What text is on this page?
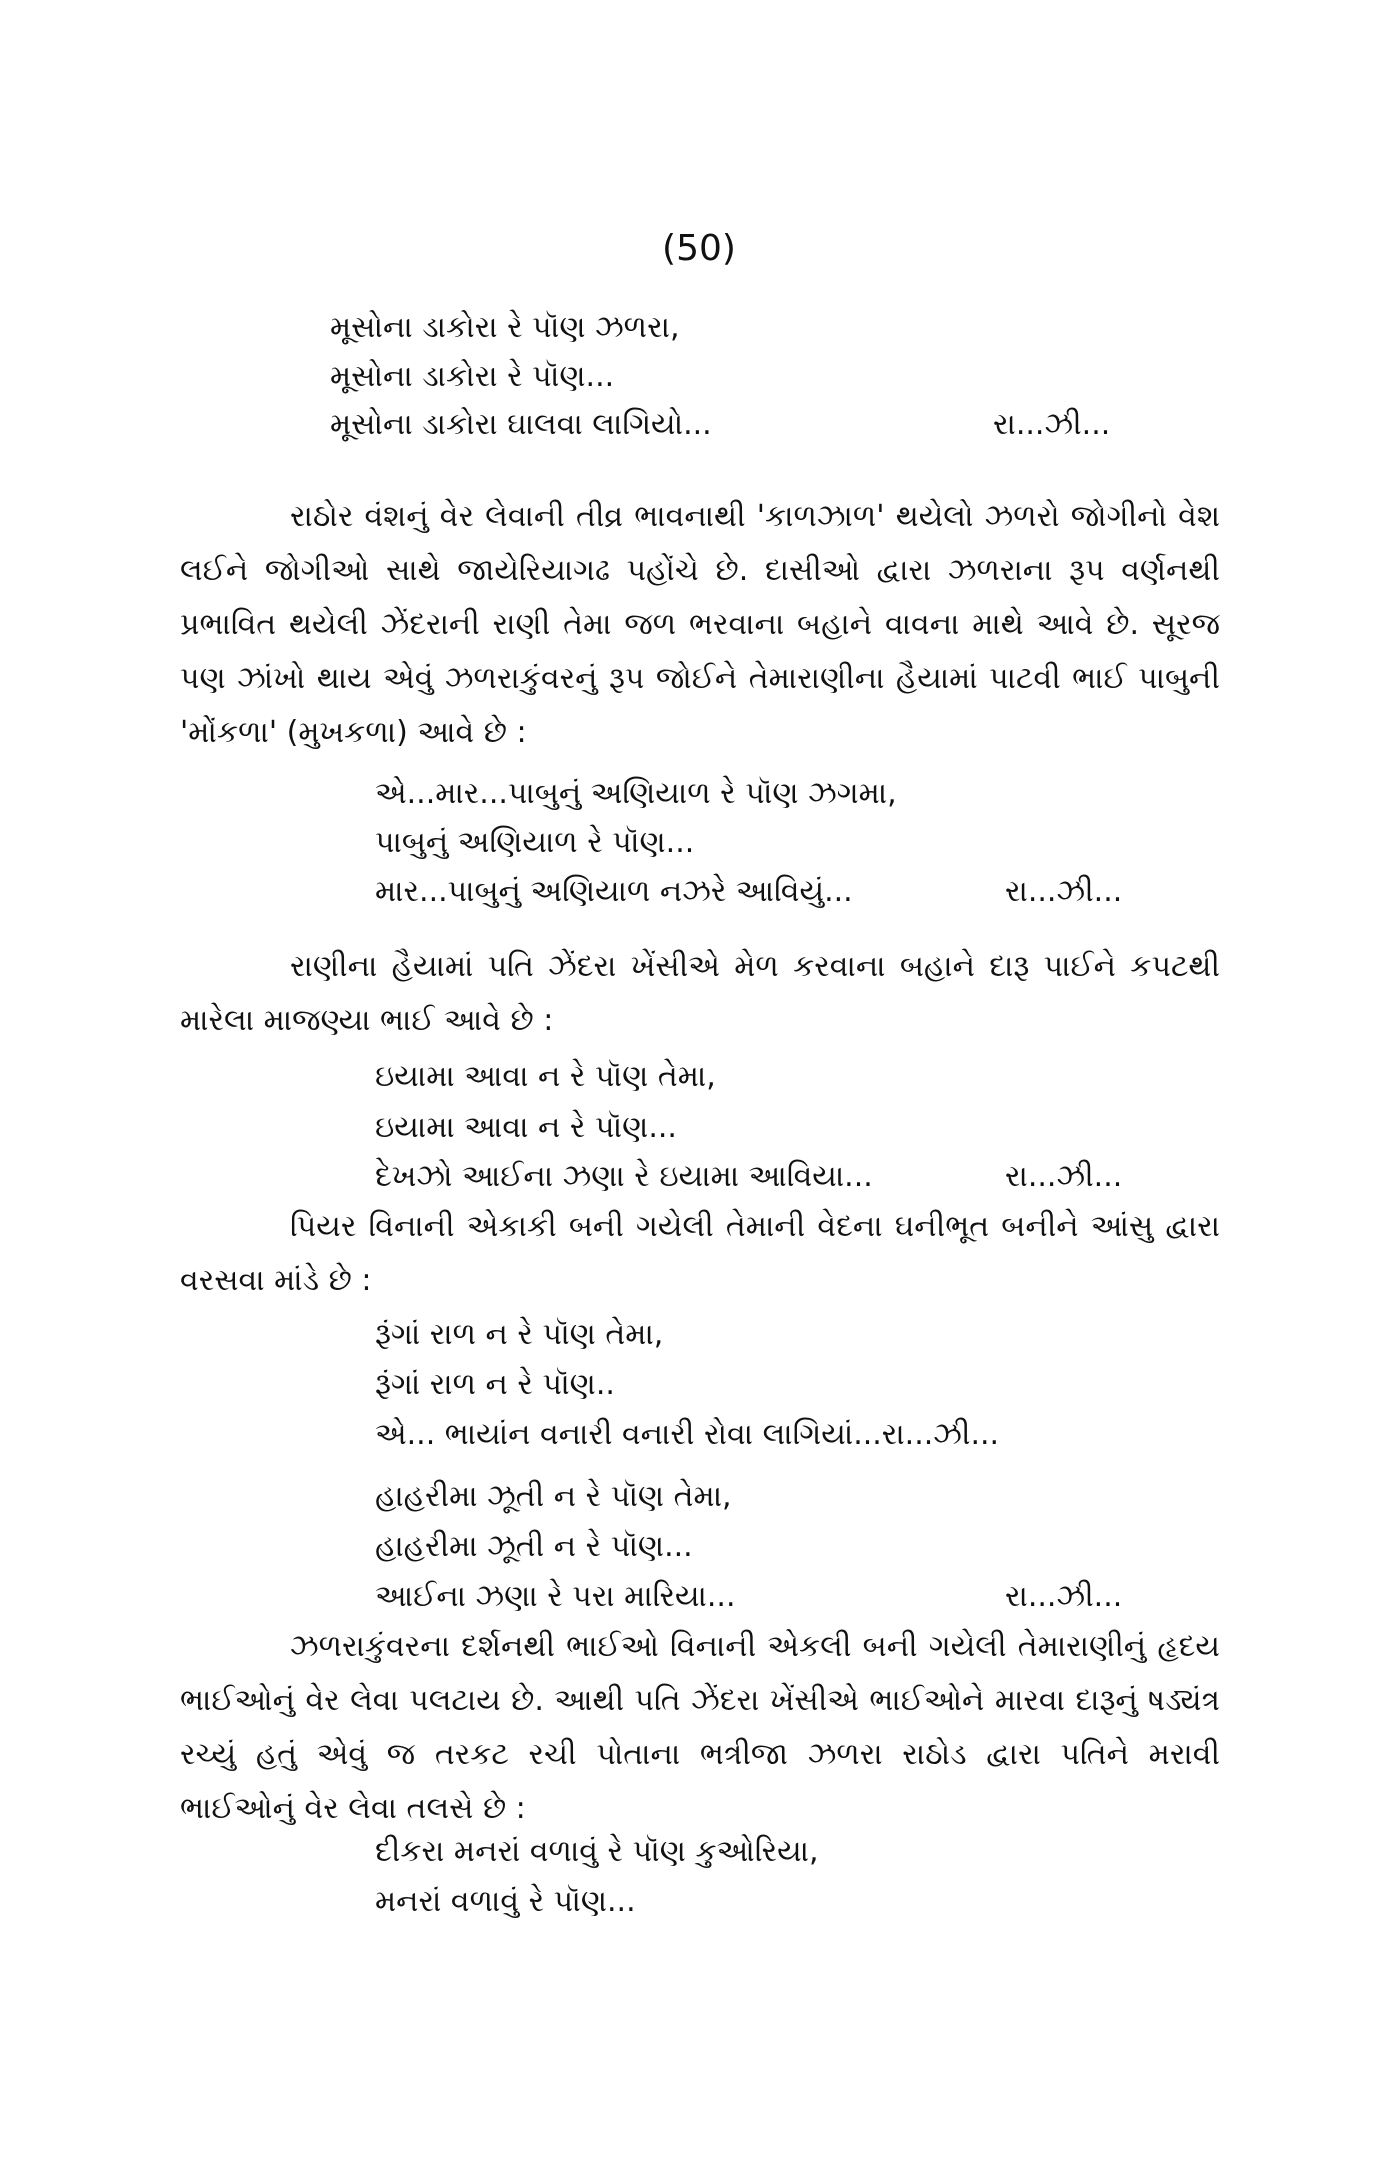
(50)
મૂસોના ડાકોરા રે પૉણ ઝળરા,
મૂસોના ડાકોરા રે પૉણ...
મૂસોના ડાકોરા ઘાલવા લાગિયો...	રા...ઝી...

રાઠોર વંશનું વેર લેવાની તીવ્ર ભાવનાથી 'કાળઝાળ' થયેલો ઝળરો જોગીનો વેશ લઈને જોગીઓ સાથે જાયેરિયાગઢ પહોંચે છે. દાસીઓ દ્વારા ઝળરાના રૂપ વર્ણનથી પ્રભાવિત થયેલી ઝેંદરાની રાણી તેમા જળ ભરવાના બહાને વાવના માથે આવે છે. સૂરજ પણ ઝાંખો થાય એવું ઝળરાકુંવરનું રૂપ જોઈને તેમારાણીના હૈયામાં પાટવી ભાઈ પાબુની 'મોંકળા' (મુખકળા) આવે છે :

એ...માર...પાબુનું અણિયાળ રે પૉણ ઝગમા,
પાબુનું અણિયાળ રે પૉણ...
માર...પાબુનું અણિયાળ નઝરે આવિયું...	રા...ઝી...

રાણીના હૈયામાં પતિ ઝેંદરા ખેંસીએ મેળ કરવાના બહાને દારૂ પાઈને કપટથી મારેલા માજણ્યા ભાઈ આવે છે :

ઇયામા આવા ન રે પૉણ તેમા,
ઇયામા આવા ન રે પૉણ...
દેખઝો આઈના ઝણા રે ઇયામા આવિયા...	રા...ઝી...

પિયર વિનાની એકાકી બની ગયેલી તેમાની વેદના ઘનીભૂત બનીને આંસુ દ્વારા વરસવા માંડે છે :

રૂંગાં રાળ ન રે પૉણ તેમા,
રૂંગાં રાળ ન રે પૉણ..
એ... ભાયાંન વનારી વનારી રોવા લાગિયાં...રા...ઝી...
હાહરીમા ઝૂતી ન રે પૉણ તેમા,
હાહરીમા ઝૂતી ન રે પૉણ...
આઈના ઝણા રે પરા મારિયા...	રા...ઝી...

ઝળરાકુંવરના દર્શનથી ભાઈઓ વિનાની એકલી બની ગયેલી તેમારાણીનું હૃદય ભાઈઓનું વેર લેવા પલટાય છે. આથી પતિ ઝેંદરા ખેંસીએ ભાઈઓને મારવા દારૂનું ષડ્યંત્ર રચ્યું હતું એવું જ તરકટ રચી પોતાના ભત્રીજા ઝળરા રાઠોડ દ્વારા પતિને મરાવી ભાઈઓનું વેર લેવા તલસે છે :

દીકરા મનરાં વળાવું રે પૉણ કુઓરિયા,
મનરાં વળાવું રે પૉણ...
